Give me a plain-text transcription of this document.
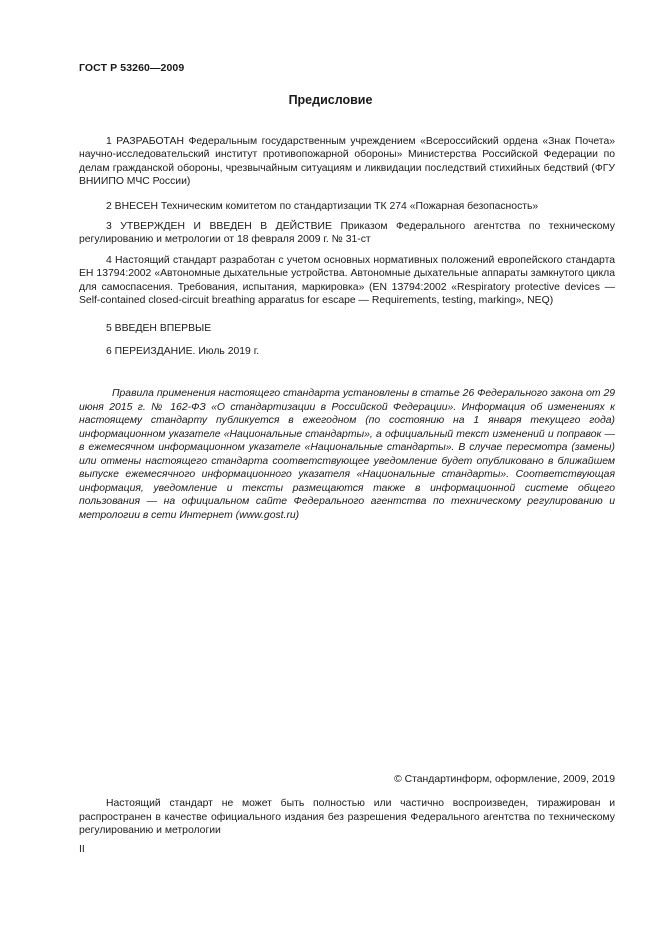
ГОСТ Р 53260—2009
Предисловие

1 РАЗРАБОТАН Федеральным государственным учреждением «Всероссийский ордена «Знак Почета» научно-исследовательский институт противопожарной обороны» Министерства Российской Федерации по делам гражданской обороны, чрезвычайным ситуациям и ликвидации последствий стихийных бедствий (ФГУ ВНИИПО МЧС России)

2 ВНЕСЕН Техническим комитетом по стандартизации ТК 274 «Пожарная безопасность»

3 УТВЕРЖДЕН И ВВЕДЕН В ДЕЙСТВИЕ Приказом Федерального агентства по техническому регулированию и метрологии от 18 февраля 2009 г. № 31-ст

4 Настоящий стандарт разработан с учетом основных нормативных положений европейского стандарта ЕН 13794:2002 «Автономные дыхательные устройства. Автономные дыхательные аппараты замкнутого цикла для самоспасения. Требования, испытания, маркировка» (EN 13794:2002 «Respiratory protective devices — Self-contained closed-circuit breathing apparatus for escape — Requirements, testing, marking», NEQ)

5 ВВЕДЕН ВПЕРВЫЕ

6 ПЕРЕИЗДАНИЕ. Июль 2019 г.

Правила применения настоящего стандарта установлены в статье 26 Федерального закона от 29 июня 2015 г. № 162-ФЗ «О стандартизации в Российской Федерации». Информация об изменениях к настоящему стандарту публикуется в ежегодном (по состоянию на 1 января текущего года) информационном указателе «Национальные стандарты», а официальный текст изменений и поправок — в ежемесячном информационном указателе «Национальные стандарты». В случае пересмотра (замены) или отмены настоящего стандарта соответствующее уведомление будет опубликовано в ближайшем выпуске ежемесячного информационного указателя «Национальные стандарты». Соответствующая информация, уведомление и тексты размещаются также в информационной системе общего пользования — на официальном сайте Федерального агентства по техническому регулированию и метрологии в сети Интернет (www.gost.ru)

© Стандартинформ, оформление, 2009, 2019

Настоящий стандарт не может быть полностью или частично воспроизведен, тиражирован и распространен в качестве официального издания без разрешения Федерального агентства по техническому регулированию и метрологии

II
